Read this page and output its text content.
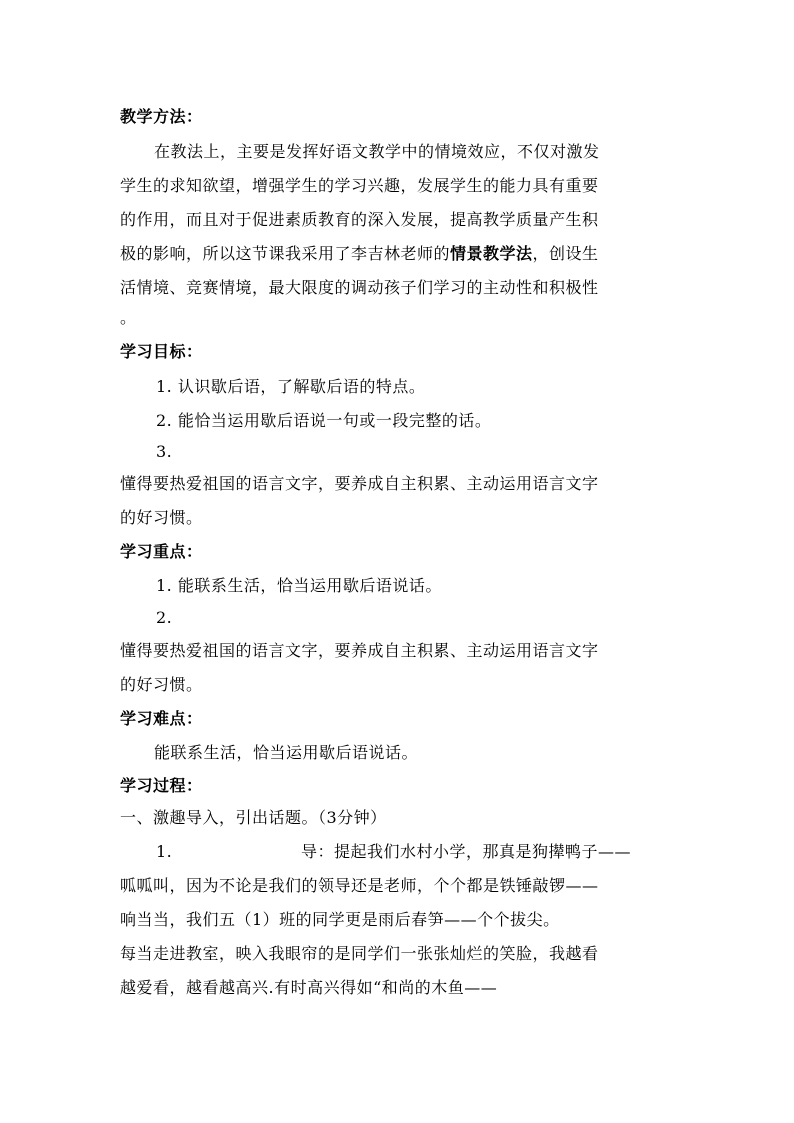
教学方法：
在教法上，主要是发挥好语文教学中的情境效应，不仅对激发
学生的求知欲望，增强学生的学习兴趣，发展学生的能力具有重要
的作用，而且对于促进素质教育的深入发展，提高教学质量产生积
极的影响，所以这节课我采用了李吉林老师的情景教学法，创设生
活情境、竞赛情境，最大限度的调动孩子们学习的主动性和积极性
。
学习目标：
1. 认识歇后语，了解歇后语的特点。
2. 能恰当运用歇后语说一句或一段完整的话。
3.
懂得要热爱祖国的语言文字，要养成自主积累、主动运用语言文字
的好习惯。
学习重点：
1. 能联系生活，恰当运用歇后语说话。
2.
懂得要热爱祖国的语言文字，要养成自主积累、主动运用语言文字
的好习惯。
学习难点：
能联系生活，恰当运用歇后语说话。
学习过程：
一、激趣导入，引出话题。（3分钟）
1.	导：提起我们水村小学，那真是狗撵鸭子——
呱呱叫，因为不论是我们的领导还是老师，个个都是铁锤敲锣——
响当当，我们五（1）班的同学更是雨后春笋——个个拔尖。
每当走进教室，映入我眼帘的是同学们一张张灿烂的笑脸，我越看
越爱看，越看越高兴.有时高兴得如“和尚的木鱼——
